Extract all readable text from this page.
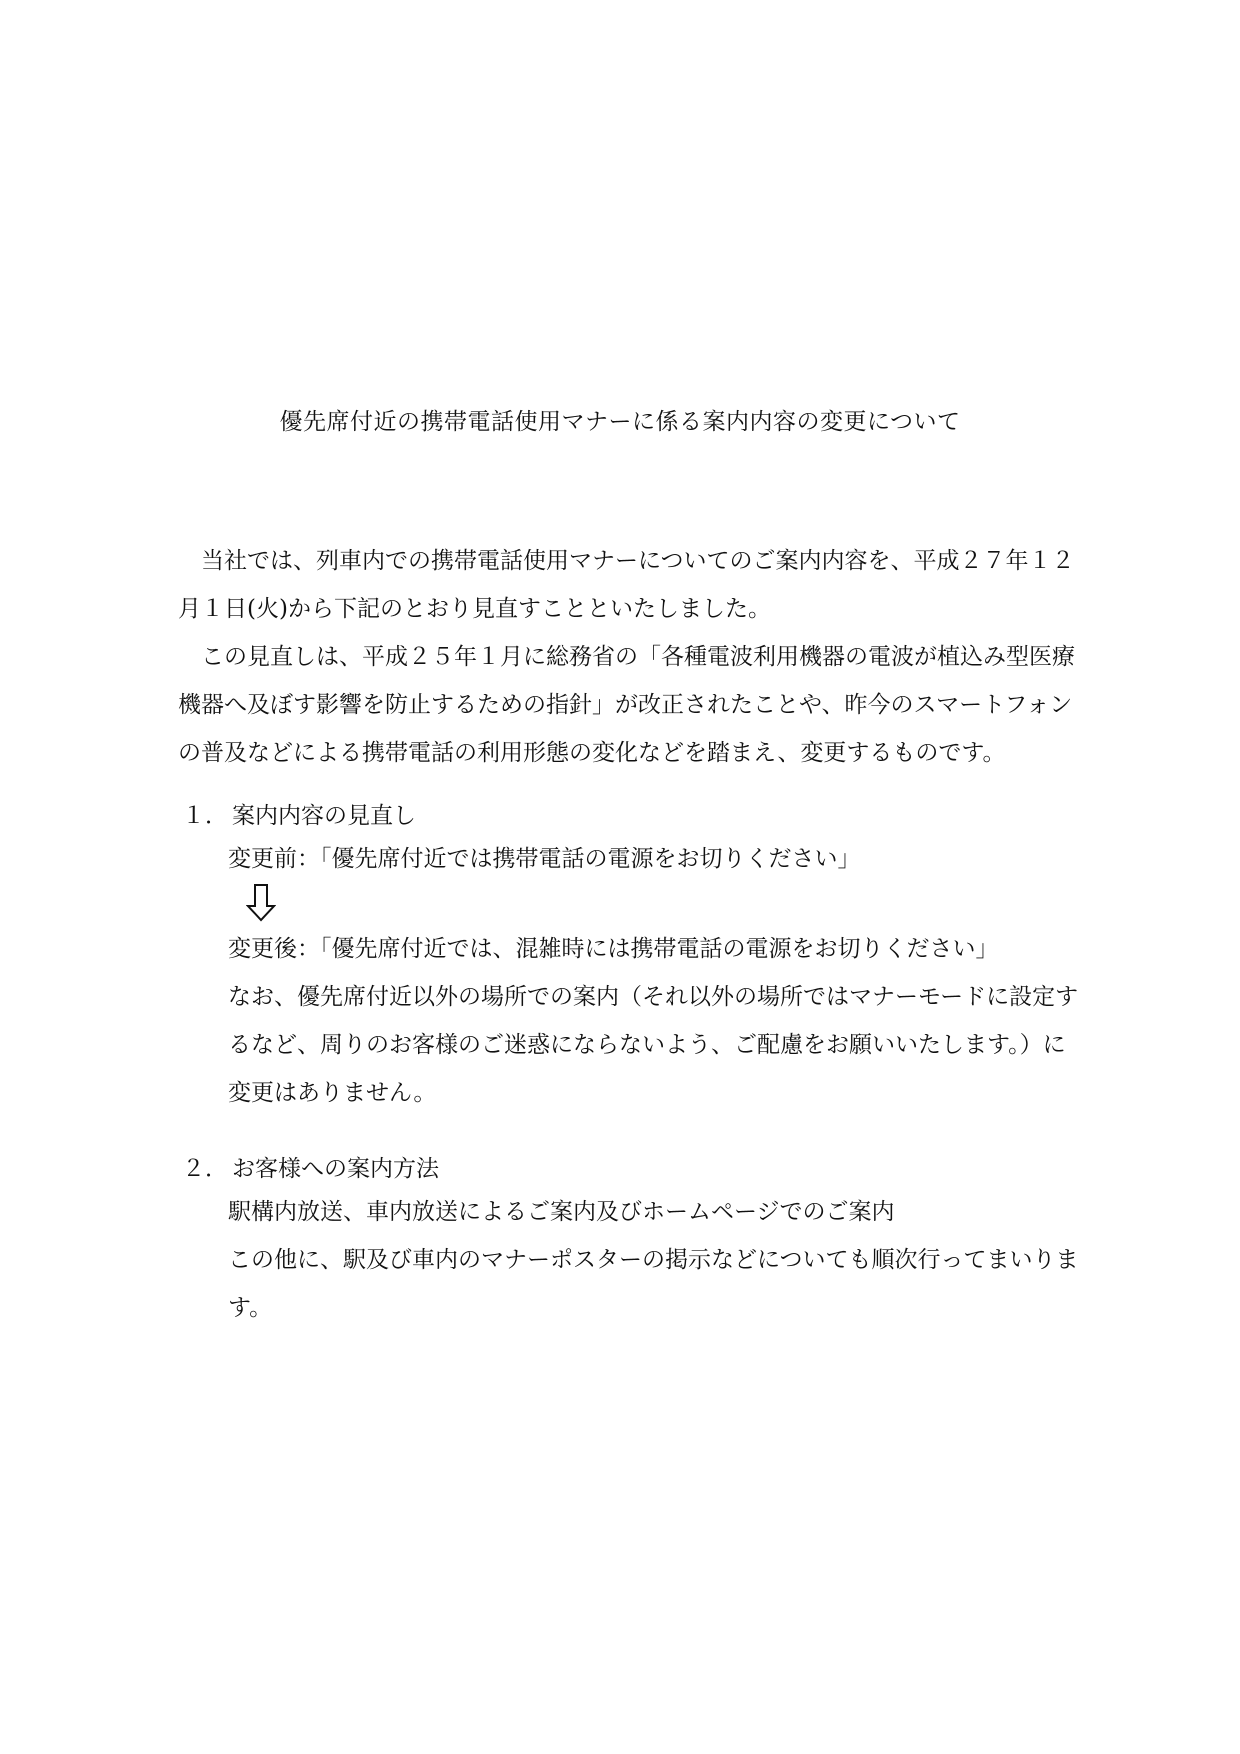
優先席付近の携帯電話使用マナーに係る案内内容の変更について

当社では、列車内での携帯電話使用マナーについてのご案内内容を、平成２７年１２月１日(火)から下記のとおり見直すことといたしました。

この見直しは、平成２５年１月に総務省の「各種電波利用機器の電波が植込み型医療機器へ及ぼす影響を防止するための指針」が改正されたことや、昨今のスマートフォンの普及などによる携帯電話の利用形態の変化などを踏まえ、変更するものです。

１． 案内内容の見直し
変更前：「優先席付近では携帯電話の電源をお切りください」
変更後：「優先席付近では、混雑時には携帯電話の電源をお切りください」

なお、優先席付近以外の場所での案内（それ以外の場所ではマナーモードに設定するなど、周りのお客様のご迷惑にならないよう、ご配慮をお願いいたします。）に変更はありません。

２． お客様への案内方法
駅構内放送、車内放送によるご案内及びホームページでのご案内

この他に、駅及び車内のマナーポスターの掲示などについても順次行ってまいります。
